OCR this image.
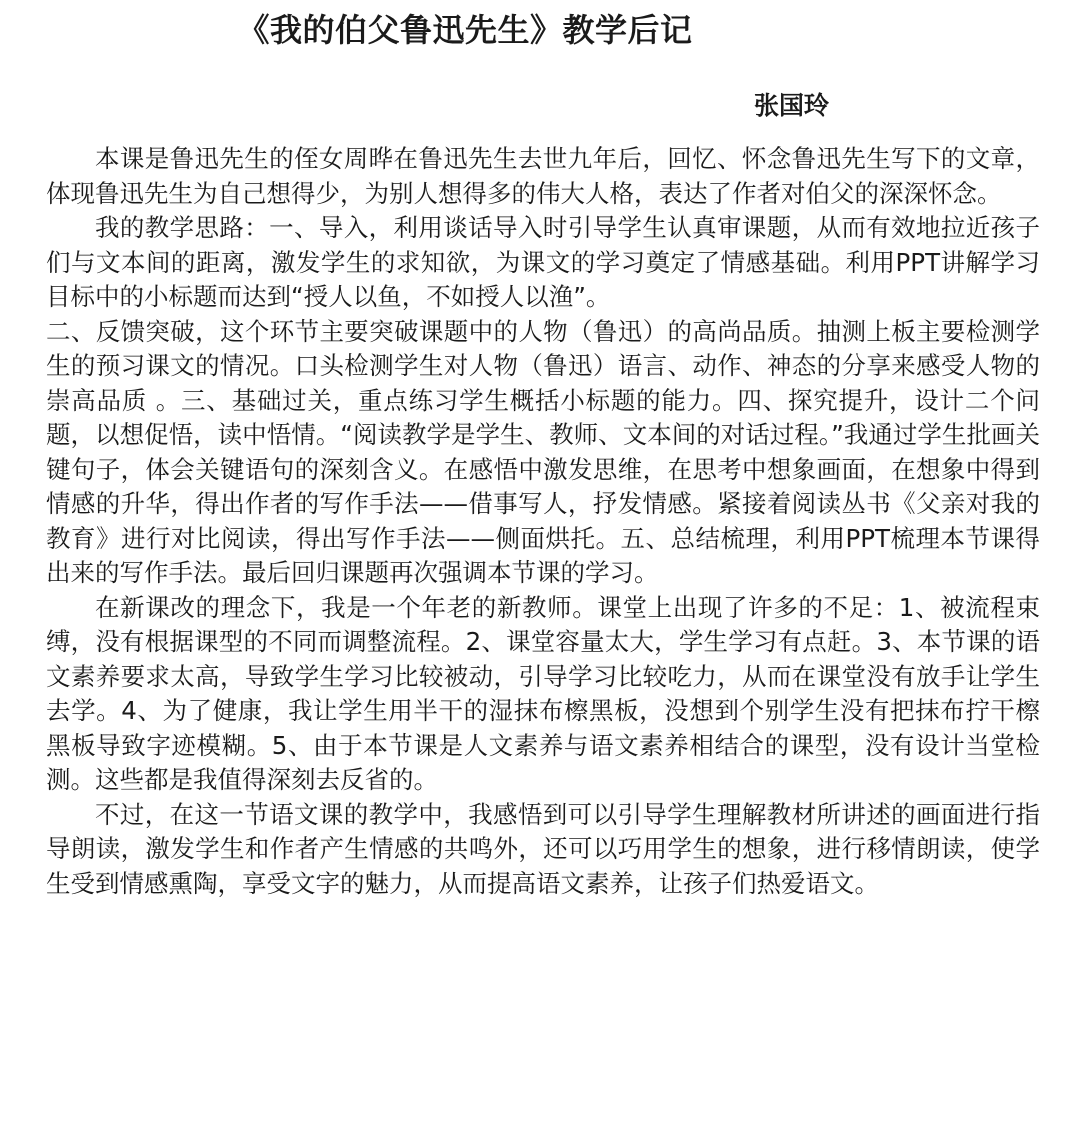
《我的伯父鲁迅先生》教学后记
张国玲

本课是鲁迅先生的侄女周晔在鲁迅先生去世九年后，回忆、怀念鲁迅先生写下的文章，体现鲁迅先生为自己想得少，为别人想得多的伟大人格，表达了作者对伯父的深深怀念。

我的教学思路：一、导入，利用谈话导入时引导学生认真审课题，从而有效地拉近孩子们与文本间的距离，激发学生的求知欲，为课文的学习奠定了情感基础。利用PPT讲解学习目标中的小标题而达到“授人以鱼，不如授人以渔”。

二、反馈突破，这个环节主要突破课题中的人物（鲁迅）的高尚品质。抽测上板主要检测学生的预习课文的情况。口头检测学生对人物（鲁迅）语言、动作、神态的分享来感受人物的崇高品质 。三、基础过关，重点练习学生概括小标题的能力。四、探究提升，设计二个问题，以想促悟，读中悟情。“阅读教学是学生、教师、文本间的对话过程。”我通过学生批画关键句子，体会关键语句的深刻含义。在感悟中激发思维，在思考中想象画面，在想象中得到情感的升华，得出作者的写作手法——借事写人，抒发情感。紧接着阅读丛书《父亲对我的教育》进行对比阅读，得出写作手法——侧面烘托。五、总结梳理，利用PPT梳理本节课得出来的写作手法。最后回归课题再次强调本节课的学习。

在新课改的理念下，我是一个年老的新教师。课堂上出现了许多的不足：1、被流程束缚，没有根据课型的不同而调整流程。2、课堂容量太大，学生学习有点赶。3、本节课的语文素养要求太高，导致学生学习比较被动，引导学习比较吃力，从而在课堂没有放手让学生去学。4、为了健康，我让学生用半干的湿抹布檫黑板，没想到个别学生没有把抹布拧干檫黑板导致字迹模糊。5、由于本节课是人文素养与语文素养相结合的课型，没有设计当堂检测。这些都是我值得深刻去反省的。

不过，在这一节语文课的教学中，我感悟到可以引导学生理解教材所讲述的画面进行指导朗读，激发学生和作者产生情感的共鸣外，还可以巧用学生的想象，进行移情朗读，使学生受到情感熏陶，享受文字的魅力，从而提高语文素养，让孩子们热爱语文。
